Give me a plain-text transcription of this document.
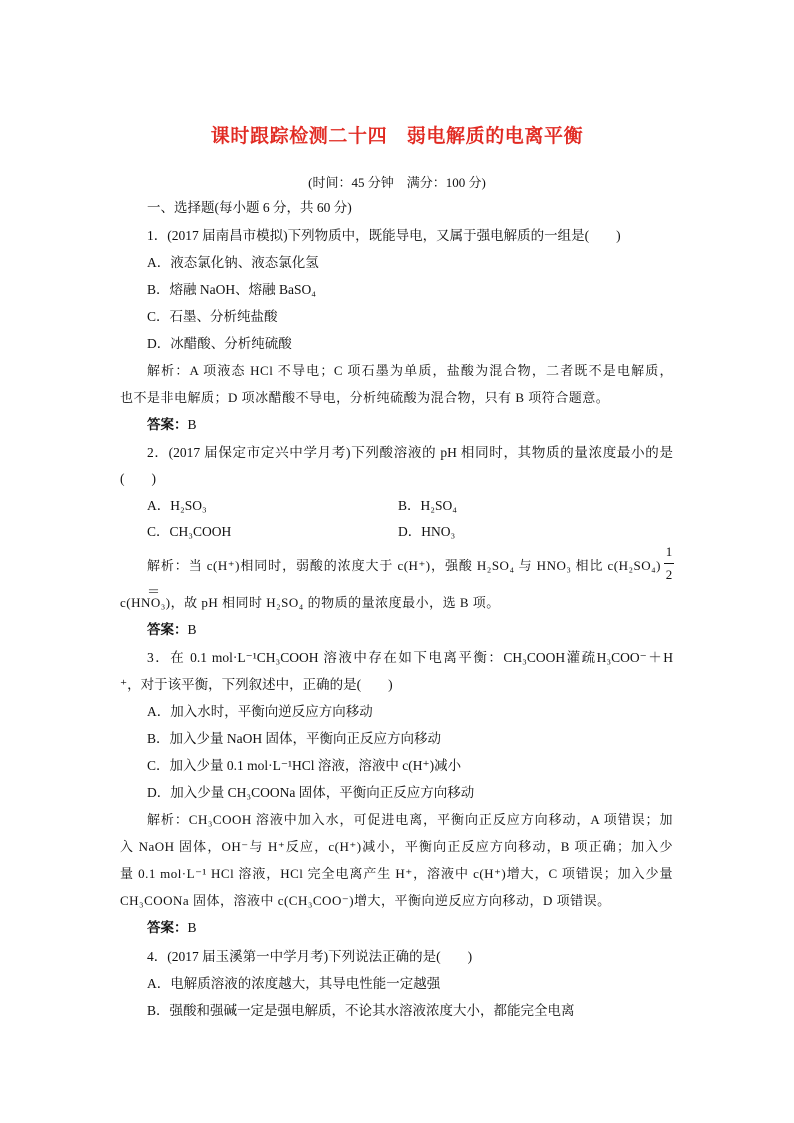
课时跟踪检测二十四　弱电解质的电离平衡
(时间：45 分钟　满分：100 分)
一、选择题(每小题 6 分，共 60 分)
1．(2017 届南昌市模拟)下列物质中，既能导电，又属于强电解质的一组是(　　)
A．液态氯化钠、液态氯化氢
B．熔融 NaOH、熔融 BaSO₄
C．石墨、分析纯盐酸
D．冰醋酸、分析纯硫酸
解析：A 项液态 HCl 不导电；C 项石墨为单质，盐酸为混合物，二者既不是电解质，
也不是非电解质；D 项冰醋酸不导电，分析纯硫酸为混合物，只有 B 项符合题意。
答案：B
2．(2017 届保定市定兴中学月考)下列酸溶液的 pH 相同时，其物质的量浓度最小的是
(　　)
A．H₂SO₃	B．H₂SO₄
C．CH₃COOH	D．HNO₃
解析：当 c(H⁺)相同时，弱酸的浓度大于 c(H⁺)，强酸 H₂SO₄ 与 HNO₃ 相比 c(H₂SO₄)＝
1
2
c(HNO₃)，故 pH 相同时 H₂SO₄ 的物质的量浓度最小，选 B 项。
答案：B
3．在 0.1 mol·L⁻¹CH₃COOH 溶液中存在如下电离平衡：CH₃COOH灌疏H₃COO⁻＋H
⁺，对于该平衡，下列叙述中，正确的是(　　)
A．加入水时，平衡向逆反应方向移动
B．加入少量 NaOH 固体，平衡向正反应方向移动
C．加入少量 0.1 mol·L⁻¹HCl 溶液，溶液中 c(H⁺)减小
D．加入少量 CH₃COONa 固体，平衡向正反应方向移动
解析：CH₃COOH 溶液中加入水，可促进电离，平衡向正反应方向移动，A 项错误；加
入 NaOH 固体，OH⁻与 H⁺反应，c(H⁺)减小，平衡向正反应方向移动，B 项正确；加入少
量 0.1 mol·L⁻¹ HCl 溶液，HCl 完全电离产生 H⁺，溶液中 c(H⁺)增大，C 项错误；加入少量
CH₃COONa 固体，溶液中 c(CH₃COO⁻)增大，平衡向逆反应方向移动，D 项错误。
答案：B
4．(2017 届玉溪第一中学月考)下列说法正确的是(　　)
A．电解质溶液的浓度越大，其导电性能一定越强
B．强酸和强碱一定是强电解质，不论其水溶液浓度大小，都能完全电离
